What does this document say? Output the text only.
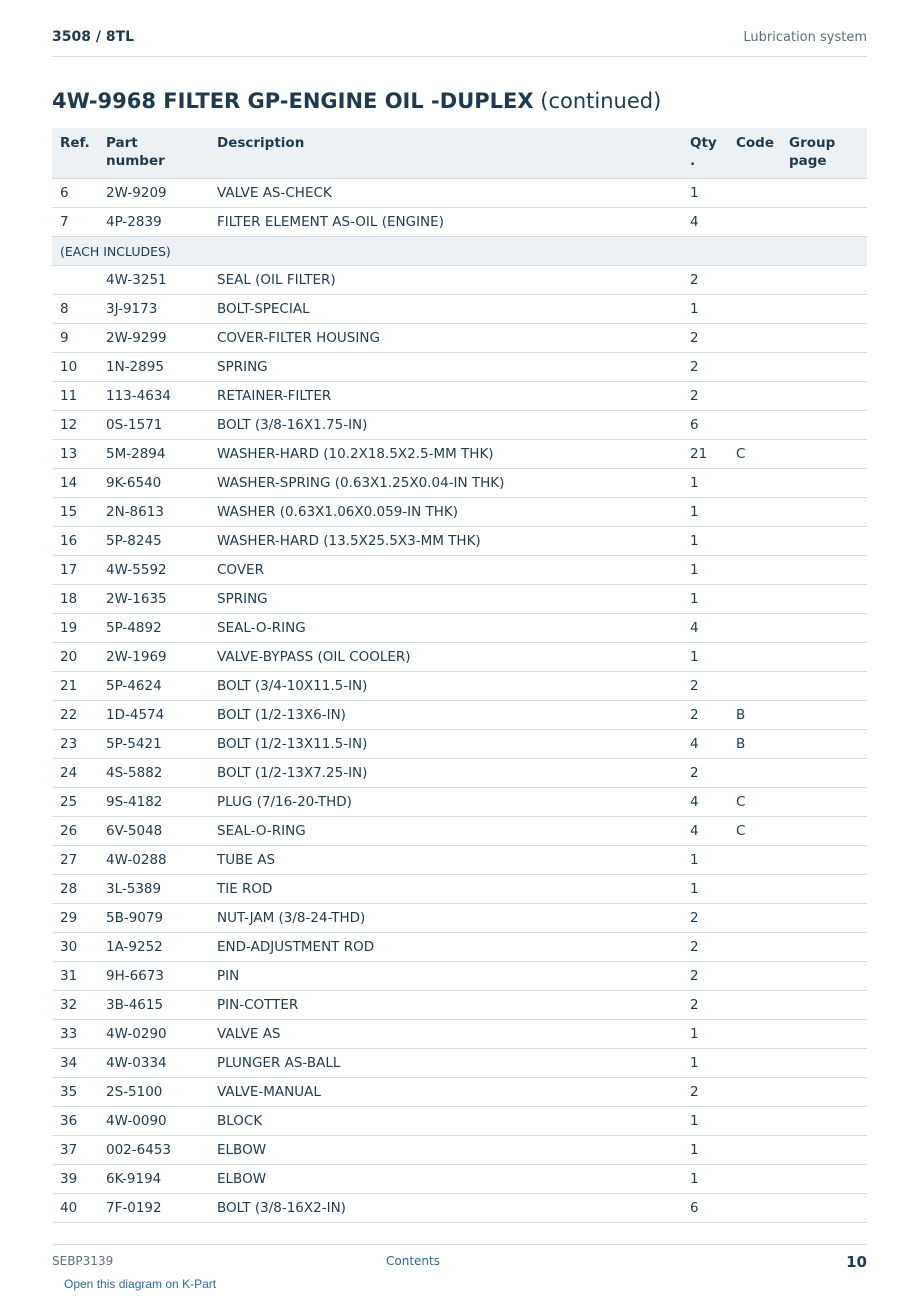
3508 / 8TL	Lubrication system
4W-9968 FILTER GP-ENGINE OIL -DUPLEX (continued)
Ref.	Part number	Description	Qty .	Code	Group page
6	2W-9209	VALVE AS-CHECK	1		
7	4P-2839	FILTER ELEMENT AS-OIL (ENGINE)	4		
(EACH INCLUDES)					
	4W-3251	SEAL (OIL FILTER)	2		
8	3J-9173	BOLT-SPECIAL	1		
9	2W-9299	COVER-FILTER HOUSING	2		
10	1N-2895	SPRING	2		
11	113-4634	RETAINER-FILTER	2		
12	0S-1571	BOLT (3/8-16X1.75-IN)	6		
13	5M-2894	WASHER-HARD (10.2X18.5X2.5-MM THK)	21	C	
14	9K-6540	WASHER-SPRING (0.63X1.25X0.04-IN THK)	1		
15	2N-8613	WASHER (0.63X1.06X0.059-IN THK)	1		
16	5P-8245	WASHER-HARD (13.5X25.5X3-MM THK)	1		
17	4W-5592	COVER	1		
18	2W-1635	SPRING	1		
19	5P-4892	SEAL-O-RING	4		
20	2W-1969	VALVE-BYPASS (OIL COOLER)	1		
21	5P-4624	BOLT (3/4-10X11.5-IN)	2		
22	1D-4574	BOLT (1/2-13X6-IN)	2	B	
23	5P-5421	BOLT (1/2-13X11.5-IN)	4	B	
24	4S-5882	BOLT (1/2-13X7.25-IN)	2		
25	9S-4182	PLUG (7/16-20-THD)	4	C	
26	6V-5048	SEAL-O-RING	4	C	
27	4W-0288	TUBE AS	1		
28	3L-5389	TIE ROD	1		
29	5B-9079	NUT-JAM (3/8-24-THD)	2		
30	1A-9252	END-ADJUSTMENT ROD	2		
31	9H-6673	PIN	2		
32	3B-4615	PIN-COTTER	2		
33	4W-0290	VALVE AS	1		
34	4W-0334	PLUNGER AS-BALL	1		
35	2S-5100	VALVE-MANUAL	2		
36	4W-0090	BLOCK	1		
37	002-6453	ELBOW	1		
39	6K-9194	ELBOW	1		
40	7F-0192	BOLT (3/8-16X2-IN)	6		
SEBP3139	Contents	10
Open this diagram on K-Part
